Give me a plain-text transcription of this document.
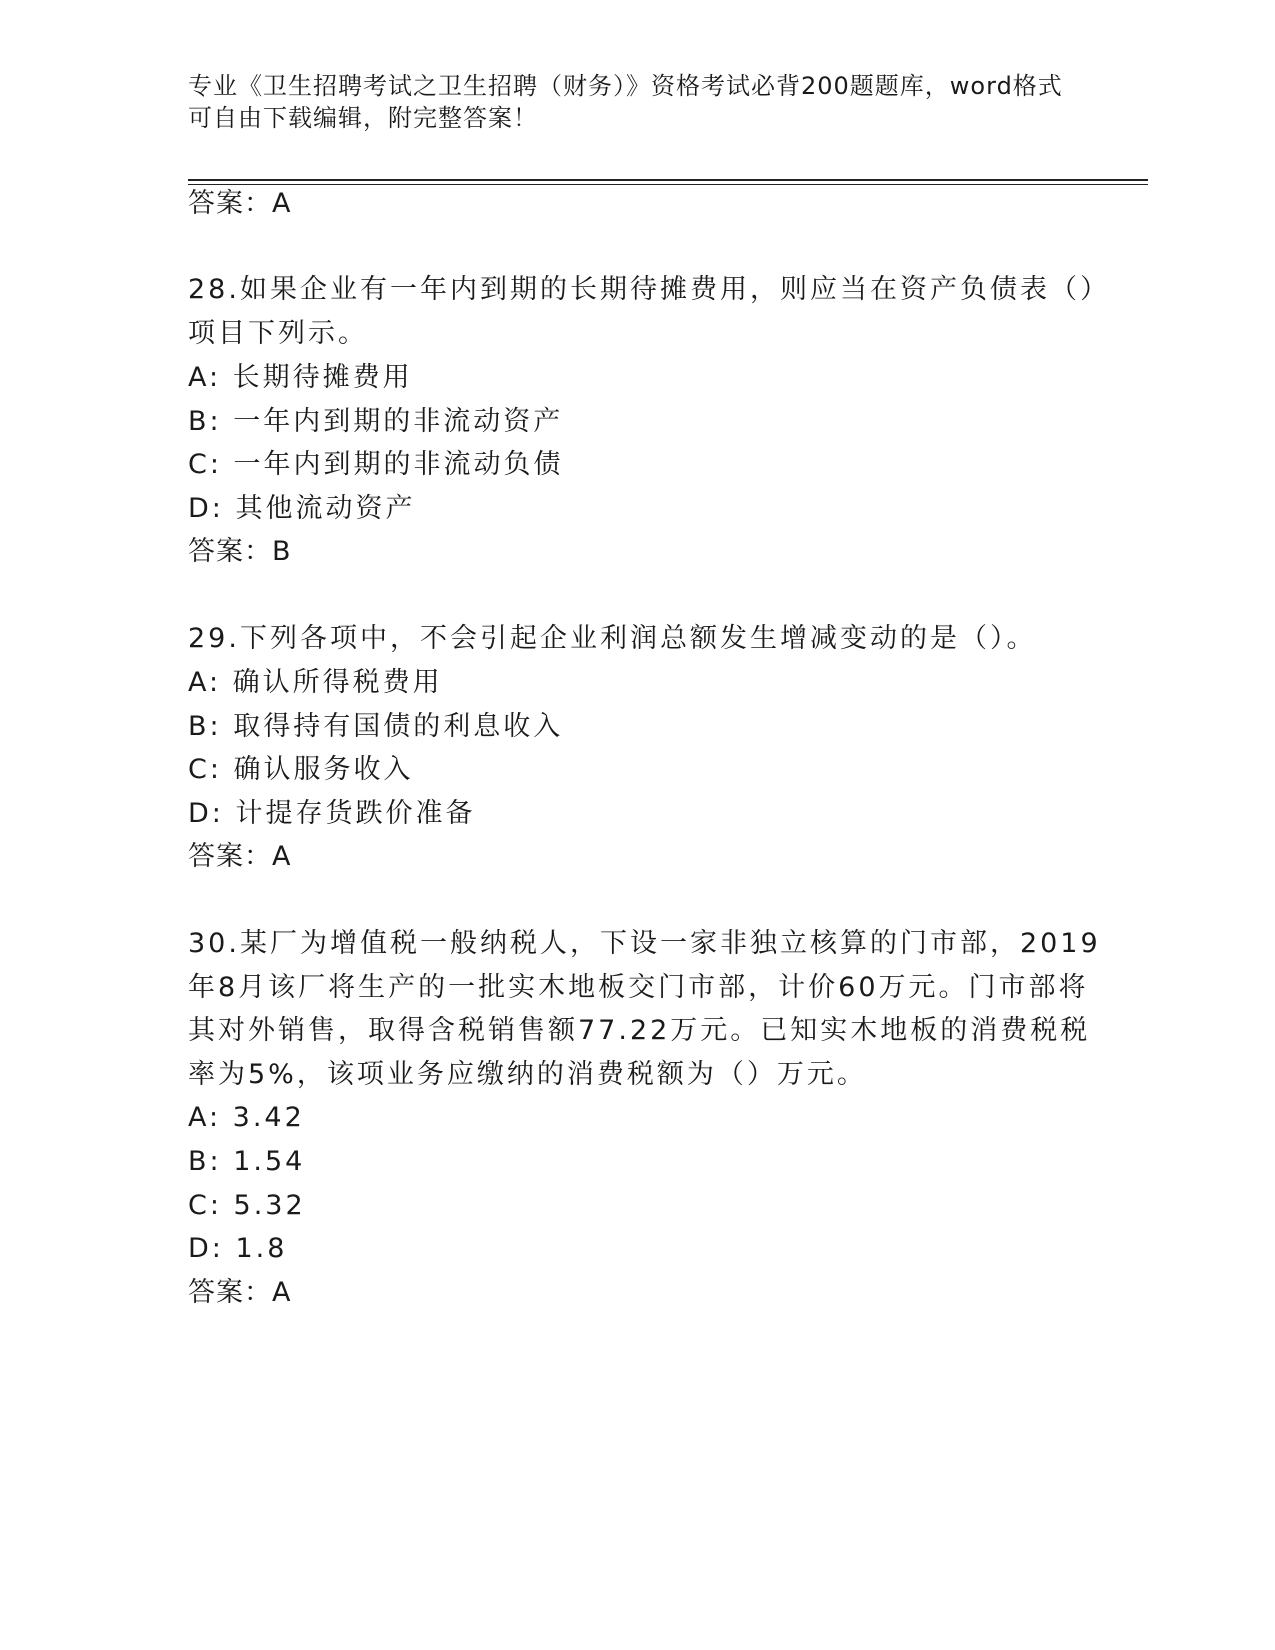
专业《卫生招聘考试之卫生招聘（财务）》资格考试必背200题题库，word格式
可自由下载编辑，附完整答案！
答案：A
28.如果企业有一年内到期的长期待摊费用，则应当在资产负债表（）
项目下列示。
A: 长期待摊费用
B: 一年内到期的非流动资产
C: 一年内到期的非流动负债
D: 其他流动资产
答案：B
29.下列各项中，不会引起企业利润总额发生增减变动的是（）。
A: 确认所得税费用
B: 取得持有国债的利息收入
C: 确认服务收入
D: 计提存货跌价准备
答案：A
30.某厂为增值税一般纳税人，下设一家非独立核算的门市部，2019
年8月该厂将生产的一批实木地板交门市部，计价60万元。门市部将
其对外销售，取得含税销售额77.22万元。已知实木地板的消费税税
率为5%，该项业务应缴纳的消费税额为（）万元。
A: 3.42
B: 1.54
C: 5.32
D: 1.8
答案：A
